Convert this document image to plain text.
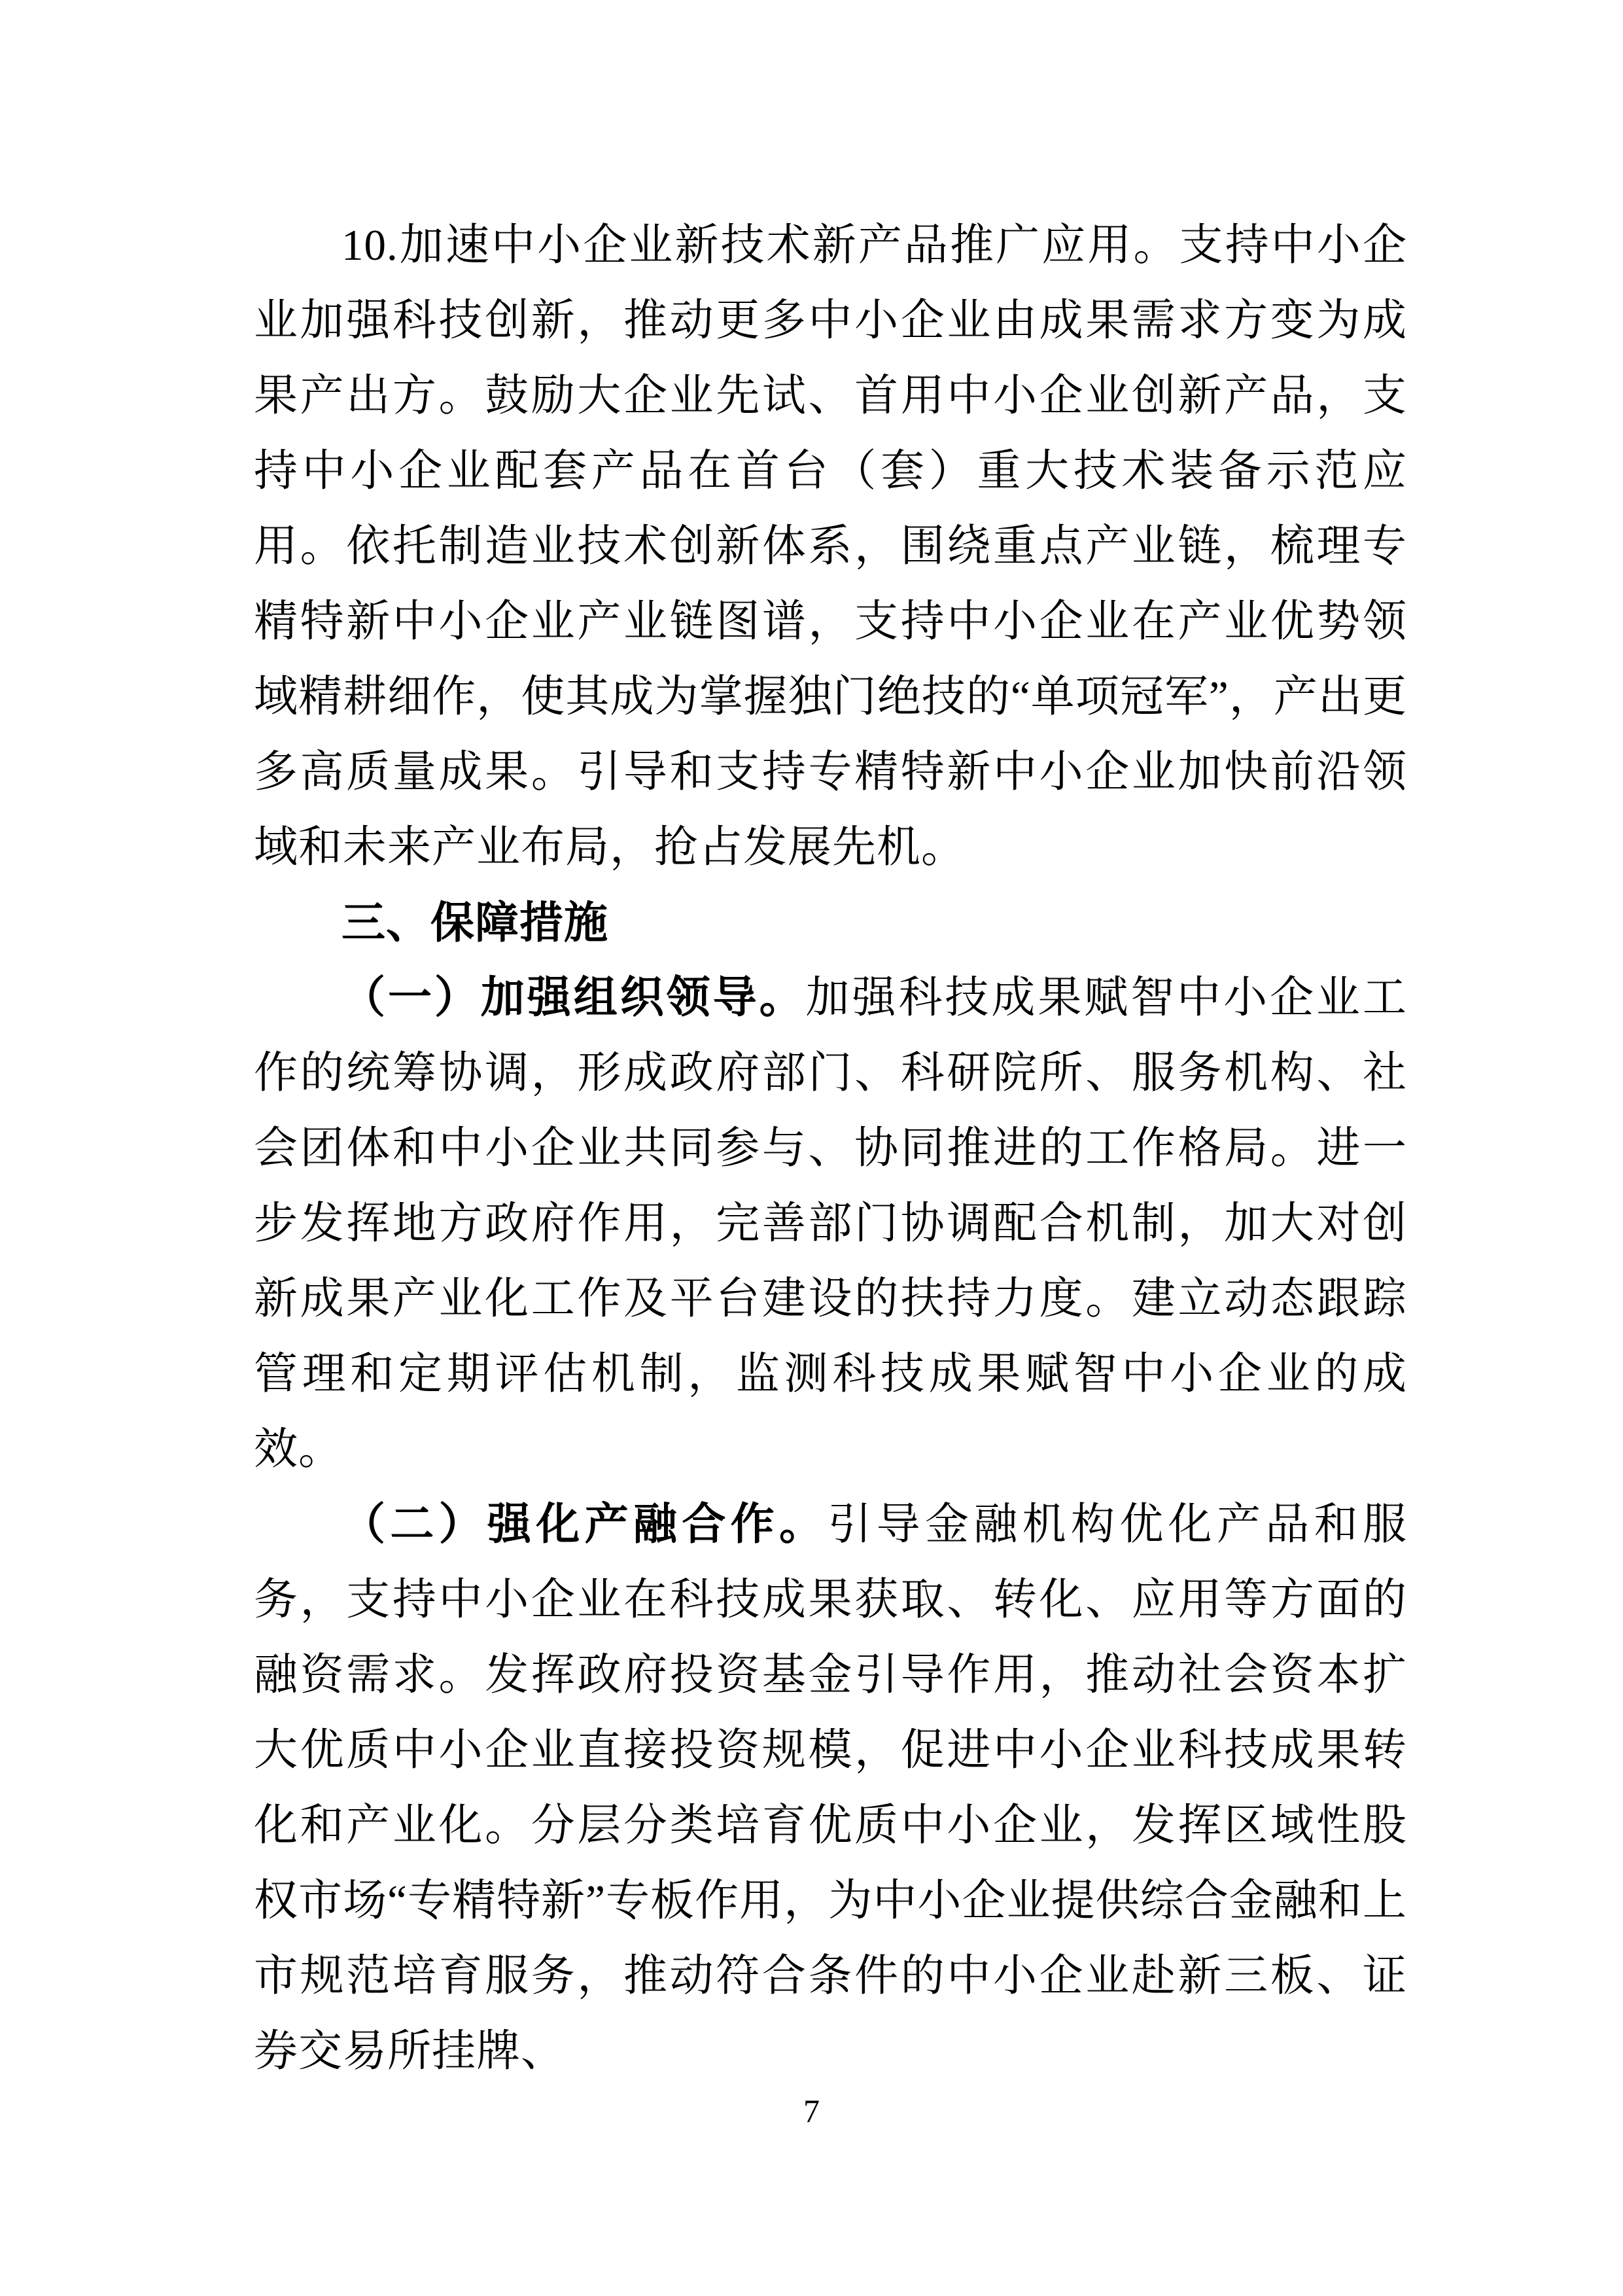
10.加速中小企业新技术新产品推广应用。支持中小企业加强科技创新，推动更多中小企业由成果需求方变为成果产出方。鼓励大企业先试、首用中小企业创新产品，支持中小企业配套产品在首台（套）重大技术装备示范应用。依托制造业技术创新体系，围绕重点产业链，梳理专精特新中小企业产业链图谱，支持中小企业在产业优势领域精耕细作，使其成为掌握独门绝技的“单项冠军”，产出更多高质量成果。引导和支持专精特新中小企业加快前沿领域和未来产业布局，抢占发展先机。

三、保障措施

（一）加强组织领导。加强科技成果赋智中小企业工作的统筹协调，形成政府部门、科研院所、服务机构、社会团体和中小企业共同参与、协同推进的工作格局。进一步发挥地方政府作用，完善部门协调配合机制，加大对创新成果产业化工作及平台建设的扶持力度。建立动态跟踪管理和定期评估机制，监测科技成果赋智中小企业的成效。

（二）强化产融合作。引导金融机构优化产品和服务，支持中小企业在科技成果获取、转化、应用等方面的融资需求。发挥政府投资基金引导作用，推动社会资本扩大优质中小企业直接投资规模，促进中小企业科技成果转化和产业化。分层分类培育优质中小企业，发挥区域性股权市场“专精特新”专板作用，为中小企业提供综合金融和上市规范培育服务，推动符合条件的中小企业赴新三板、证券交易所挂牌、

7
